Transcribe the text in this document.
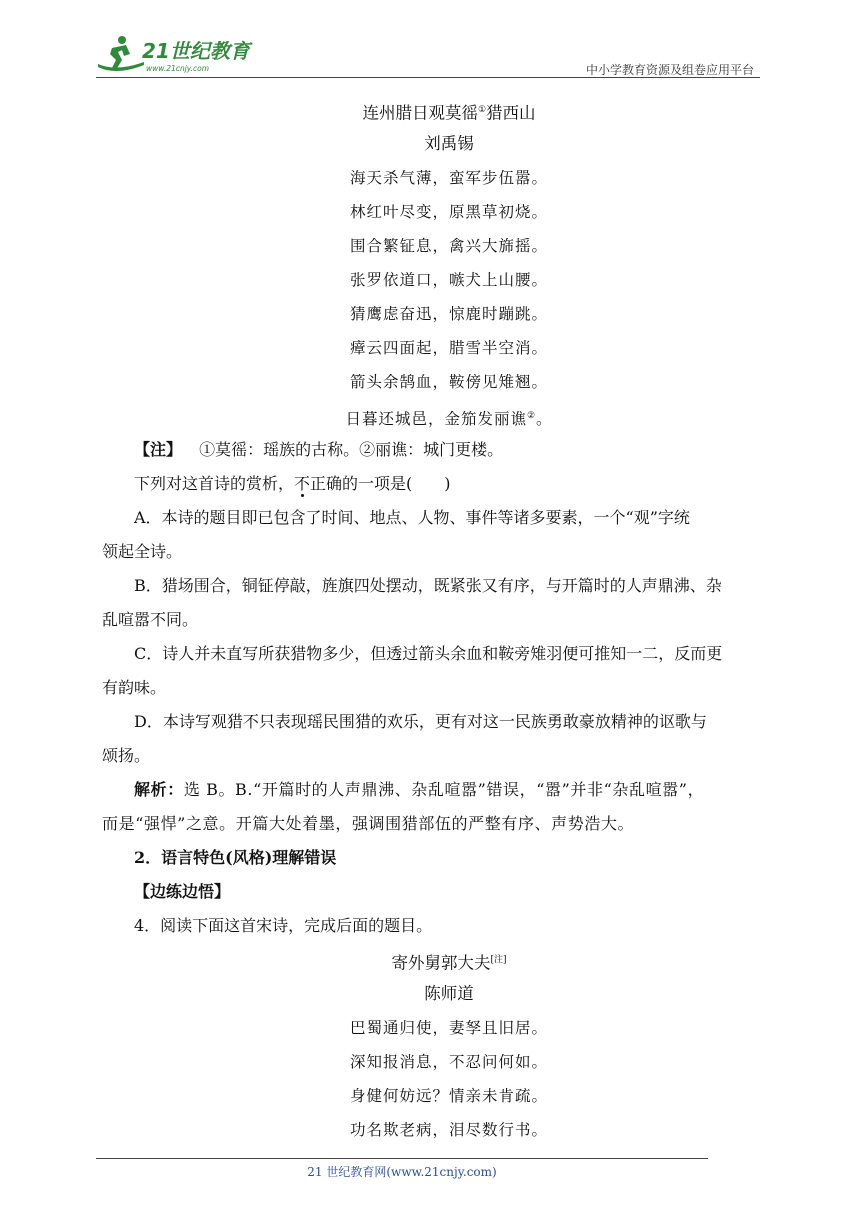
21世纪教育
www.21cnjy.com	中小学教育资源及组卷应用平台
连州腊日观莫徭①猎西山
刘禹锡
海天杀气薄，蛮军步伍嚣。
林红叶尽变，原黑草初烧。
围合繁钲息，禽兴大旆摇。
张罗依道口，嗾犬上山腰。
猜鹰虑奋迅，惊鹿时蹦跳。
瘴云四面起，腊雪半空消。
箭头余鹄血，鞍傍见雉翘。
日暮还城邑，金笳发丽谯②。
【注】 ①莫徭：瑶族的古称。②丽谯：城门更楼。
下列对这首诗的赏析，不正确的一项是(　　)
A．本诗的题目即已包含了时间、地点、人物、事件等诸多要素，一个“观”字统
领起全诗。
B．猎场围合，铜钲停敲，旌旗四处摆动，既紧张又有序，与开篇时的人声鼎沸、杂
乱喧嚣不同。
C．诗人并未直写所获猎物多少，但透过箭头余血和鞍旁雉羽便可推知一二，反而更
有韵味。
D．本诗写观猎不只表现瑶民围猎的欢乐，更有对这一民族勇敢豪放精神的讴歌与
颂扬。
解析：选 B。B.“开篇时的人声鼎沸、杂乱喧嚣”错误，“嚣”并非“杂乱喧嚣”，
而是“强悍”之意。开篇大处着墨，强调围猎部伍的严整有序、声势浩大。
2．语言特色(风格)理解错误
【边练边悟】
4．阅读下面这首宋诗，完成后面的题目。
寄外舅郭大夫[注]
陈师道
巴蜀通归使，妻孥且旧居。
深知报消息，不忍问何如。
身健何妨远？情亲未肯疏。
功名欺老病，泪尽数行书。
21 世纪教育网(www.21cnjy.com)
